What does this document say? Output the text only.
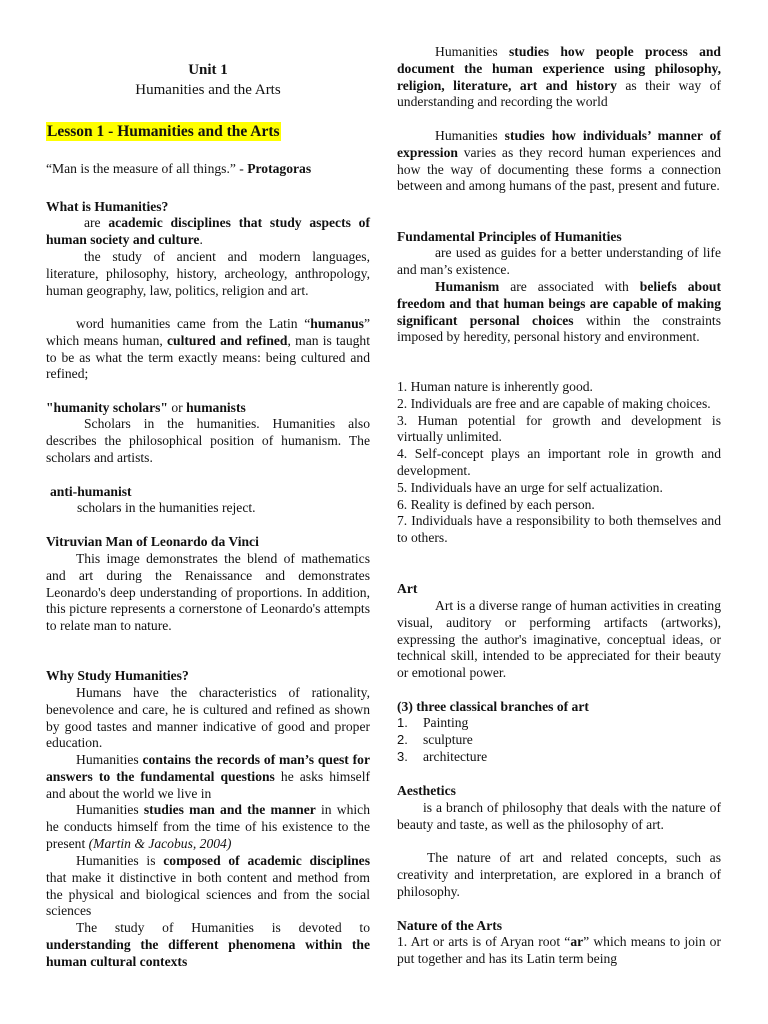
Unit 1
Humanities and the Arts
Lesson 1 - Humanities and the Arts
“Man is the measure of all things.” - Protagoras
What is Humanities?

are academic disciplines that study aspects of human society and culture.

the study of ancient and modern languages, literature, philosophy, history, archeology, anthropology, human geography, law, politics, religion and art.

word humanities came from the Latin “humanus” which means human, cultured and refined, man is taught to be as what the term exactly means: being cultured and refined;

"humanity scholars" or humanists

Scholars in the humanities. Humanities also describes the philosophical position of humanism. The scholars and artists.

anti-humanist
scholars in the humanities reject.
Vitruvian Man of Leonardo da Vinci

This image demonstrates the blend of mathematics and art during the Renaissance and demonstrates Leonardo's deep understanding of proportions. In addition, this picture represents a cornerstone of Leonardo's attempts to relate man to nature.

Why Study Humanities?

Humans have the characteristics of rationality, benevolence and care, he is cultured and refined as shown by good tastes and manner indicative of good and proper education.

Humanities contains the records of man’s quest for answers to the fundamental questions he asks himself and about the world we live in

Humanities studies man and the manner in which he conducts himself from the time of his existence to the present (Martin & Jacobus, 2004)

Humanities is composed of academic disciplines that make it distinctive in both content and method from the physical and biological sciences and from the social sciences

The study of Humanities is devoted to understanding the different phenomena within the human cultural contexts

Humanities studies how people process and document the human experience using philosophy, religion, literature, art and history as their way of understanding and recording the world

Humanities studies how individuals’ manner of expression varies as they record human experiences and how the way of documenting these forms a connection between and among humans of the past, present and future.

Fundamental Principles of Humanities

are used as guides for a better understanding of life and man’s existence.

Humanism are associated with beliefs about freedom and that human beings are capable of making significant personal choices within the constraints imposed by heredity, personal history and environment.

1. Human nature is inherently good.

2. Individuals are free and are capable of making choices.

3. Human potential for growth and development is virtually unlimited.

4. Self-concept plays an important role in growth and development.

5. Individuals have an urge for self actualization.

6. Reality is defined by each person.

7. Individuals have a responsibility to both themselves and to others.

Art

Art is a diverse range of human activities in creating visual, auditory or performing artifacts (artworks), expressing the author's imaginative, conceptual ideas, or technical skill, intended to be appreciated for their beauty or emotional power.

(3) three classical branches of art
1.	Painting
2.	sculpture
3.	architecture
Aesthetics

is a branch of philosophy that deals with the nature of beauty and taste, as well as the philosophy of art.

The nature of art and related concepts, such as creativity and interpretation, are explored in a branch of philosophy.

Nature of the Arts

1. Art or arts is of Aryan root “ar” which means to join or put together and has its Latin term being
